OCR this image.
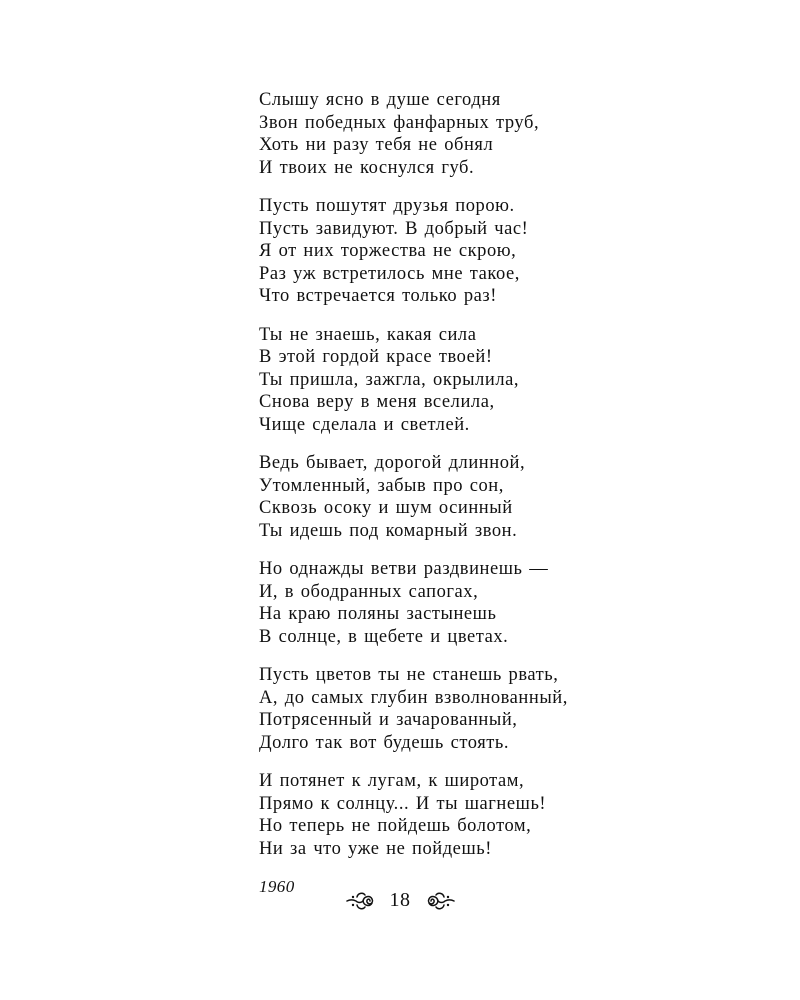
Слышу ясно в душе сегодня
Звон победных фанфарных труб,
Хоть ни разу тебя не обнял
И твоих не коснулся губ.
Пусть пошутят друзья порою.
Пусть завидуют. В добрый час!
Я от них торжества не скрою,
Раз уж встретилось мне такое,
Что встречается только раз!
Ты не знаешь, какая сила
В этой гордой красе твоей!
Ты пришла, зажгла, окрылила,
Снова веру в меня вселила,
Чище сделала и светлей.
Ведь бывает, дорогой длинной,
Утомленный, забыв про сон,
Сквозь осоку и шум осинный
Ты идешь под комарный звон.
Но однажды ветви раздвинешь —
И, в ободранных сапогах,
На краю поляны застынешь
В солнце, в щебете и цветах.
Пусть цветов ты не станешь рвать,
А, до самых глубин взволнованный,
Потрясенный и зачарованный,
Долго так вот будешь стоять.
И потянет к лугам, к широтам,
Прямо к солнцу... И ты шагнешь!
Но теперь не пойдешь болотом,
Ни за что уже не пойдешь!
1960
18
